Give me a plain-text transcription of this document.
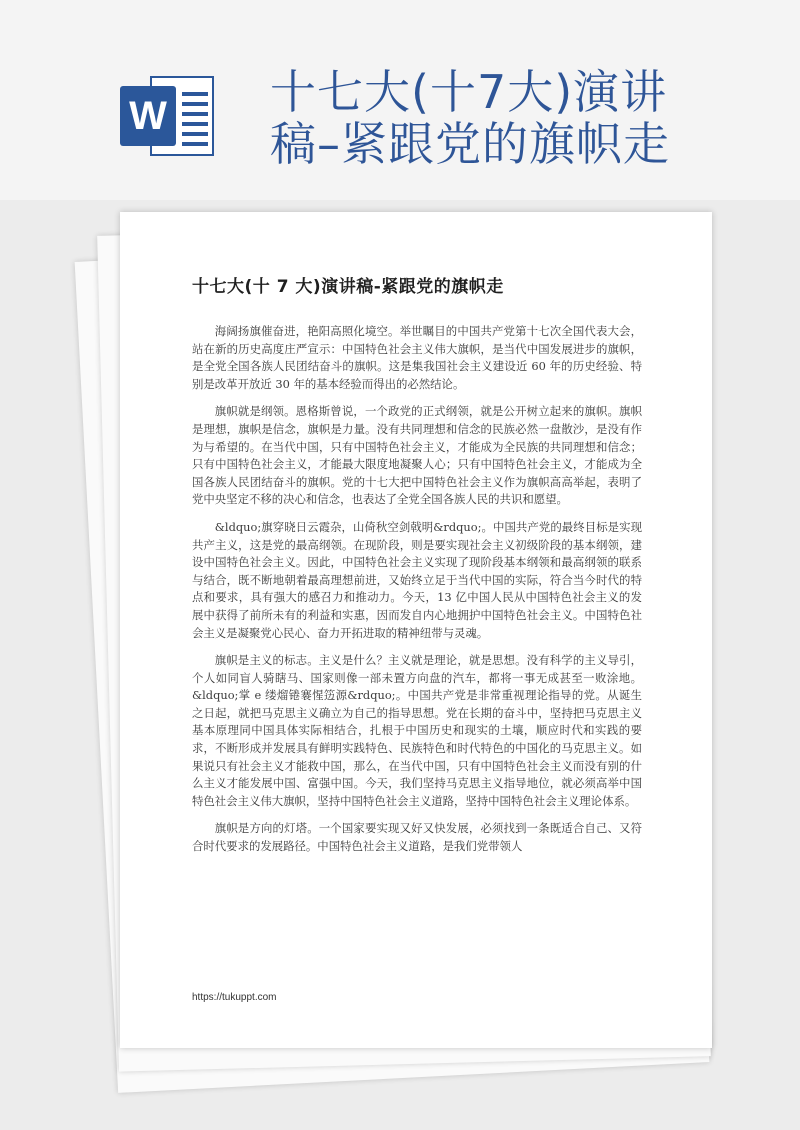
W 十七大(十7大)演讲稿–紧跟党的旗帜走
十七大(十 7 大)演讲稿-紧跟党的旗帜走

海阔扬旗催奋进，艳阳高照化境空。举世瞩目的中国共产党第十七次全国代表大会，站在新的历史高度庄严宣示：中国特色社会主义伟大旗帜，是当代中国发展进步的旗帜，是全党全国各族人民团结奋斗的旗帜。这是集我国社会主义建设近 60 年的历史经验、特别是改革开放近 30 年的基本经验而得出的必然结论。

旗帜就是纲领。恩格斯曾说，一个政党的正式纲领，就是公开树立起来的旗帜。旗帜是理想，旗帜是信念，旗帜是力量。没有共同理想和信念的民族必然一盘散沙，是没有作为与希望的。在当代中国，只有中国特色社会主义，才能成为全民族的共同理想和信念；只有中国特色社会主义，才能最大限度地凝聚人心；只有中国特色社会主义，才能成为全国各族人民团结奋斗的旗帜。党的十七大把中国特色社会主义作为旗帜高高举起，表明了党中央坚定不移的决心和信念，也表达了全党全国各族人民的共识和愿望。

&ldquo;旗穿晓日云霞杂，山倚秋空剑戟明&rdquo;。中国共产党的最终目标是实现共产主义，这是党的最高纲领。在现阶段，则是要实现社会主义初级阶段的基本纲领，建设中国特色社会主义。因此，中国特色社会主义实现了现阶段基本纲领和最高纲领的联系与结合，既不断地朝着最高理想前进，又始终立足于当代中国的实际，符合当今时代的特点和要求，具有强大的感召力和推动力。今天，13 亿中国人民从中国特色社会主义的发展中获得了前所未有的利益和实惠，因而发自内心地拥护中国特色社会主义。中国特色社会主义是凝聚党心民心、奋力开拓进取的精神纽带与灵魂。

旗帜是主义的标志。主义是什么？主义就是理论，就是思想。没有科学的主义导引，个人如同盲人骑瞎马、国家则像一部未置方向盘的汽车，都将一事无成甚至一败涂地。&ldquo;掌 e 缕熘锩褰惺笾源&rdquo;。中国共产党是非常重视理论指导的党。从诞生之日起，就把马克思主义确立为自己的指导思想。党在长期的奋斗中，坚持把马克思主义基本原理同中国具体实际相结合，扎根于中国历史和现实的土壤，顺应时代和实践的要求，不断形成并发展具有鲜明实践特色、民族特色和时代特色的中国化的马克思主义。如果说只有社会主义才能救中国，那么，在当代中国，只有中国特色社会主义而没有别的什么主义才能发展中国、富强中国。今天，我们坚持马克思主义指导地位，就必须高举中国特色社会主义伟大旗帜，坚持中国特色社会主义道路，坚持中国特色社会主义理论体系。

旗帜是方向的灯塔。一个国家要实现又好又快发展，必须找到一条既适合自己、又符合时代要求的发展路径。中国特色社会主义道路，是我们党带领人

https://tukuppt.com
